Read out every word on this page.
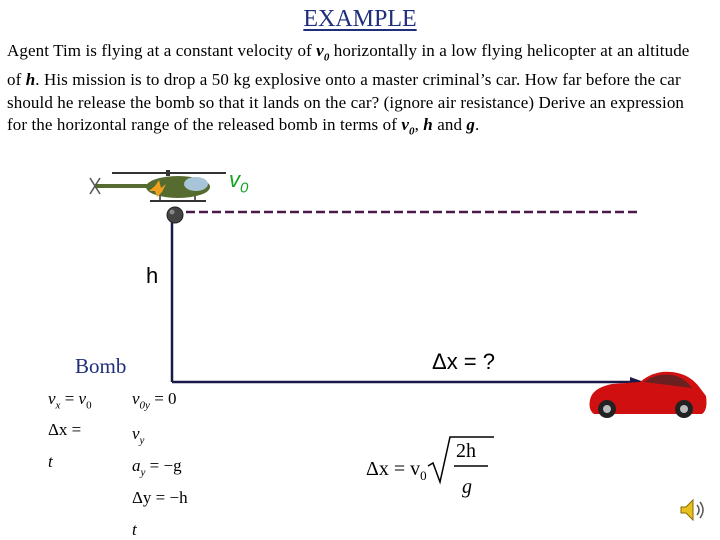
EXAMPLE
Agent Tim is flying at a constant velocity of $v_0$ horizontally in a low flying helicopter at an altitude of h. His mission is to drop a 50 kg explosive onto a master criminal’s car. How far before the car should he release the bomb so that it lands on the car? (ignore air resistance) Derive an expression for the horizontal range of the released bomb in terms of $v_0$, h and g.
$v_0$
h
Bomb	Δx = ?
$v_x = v_0$
Δx =
t
$v_{0y} = 0$
$v_y$
$a_y = -g$
Δy = −h
t
$\Delta x = v_0$
2h
g
